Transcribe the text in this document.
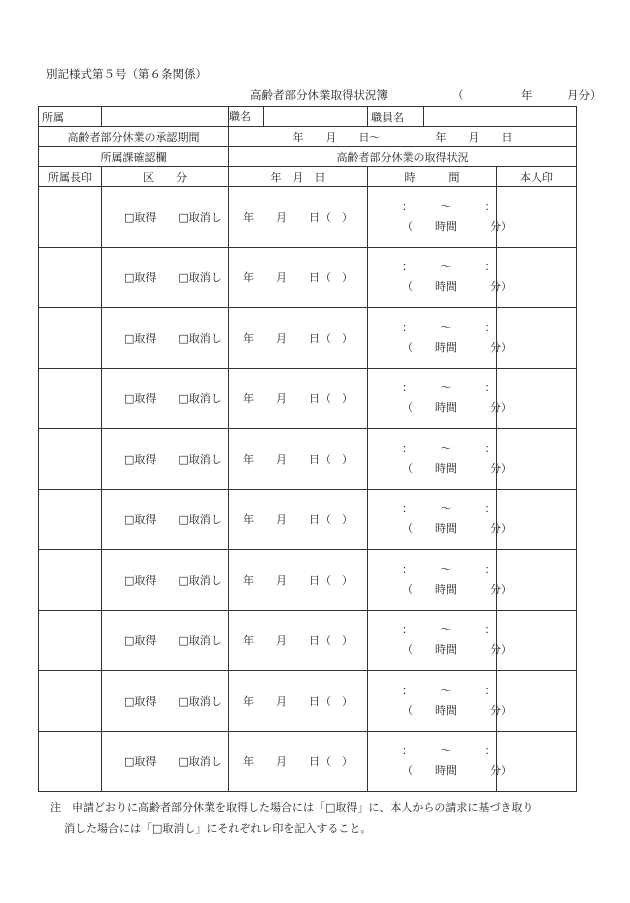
別記様式第５号（第６条関係）
高齢者部分休業取得状況簿	（　　　　　年　　　月分）
所属		職名	職員名		
高齢者部分休業の承認期間		年　　月　　日～　　　　　年　　月　　日			
所属課確認欄		高齢者部分休業の取得状況			
所属長印	区　　分	年　月　日	時　　　間		本人印
	□取得　　□取消し	年　　月　　日（　）	：　　　～　　　：
（　　時間　　　分）		
	□取得　　□取消し	年　　月　　日（　）	：　　　～　　　：
（　　時間　　　分）		
	□取得　　□取消し	年　　月　　日（　）	：　　　～　　　：
（　　時間　　　分）		
	□取得　　□取消し	年　　月　　日（　）	：　　　～　　　：
（　　時間　　　分）		
	□取得　　□取消し	年　　月　　日（　）	：　　　～　　　：
（　　時間　　　分）		
	□取得　　□取消し	年　　月　　日（　）	：　　　～　　　：
（　　時間　　　分）		
	□取得　　□取消し	年　　月　　日（　）	：　　　～　　　：
（　　時間　　　分）		
	□取得　　□取消し	年　　月　　日（　）	：　　　～　　　：
（　　時間　　　分）		
	□取得　　□取消し	年　　月　　日（　）	：　　　～　　　：
（　　時間　　　分）		
	□取得　　□取消し	年　　月　　日（　）	：　　　～　　　：
（　　時間　　　分）		
注　申請どおりに高齢者部分休業を取得した場合には「□取得」に、本人からの請求に基づき取り
消した場合には「□取消し」にそれぞれレ印を記入すること。
